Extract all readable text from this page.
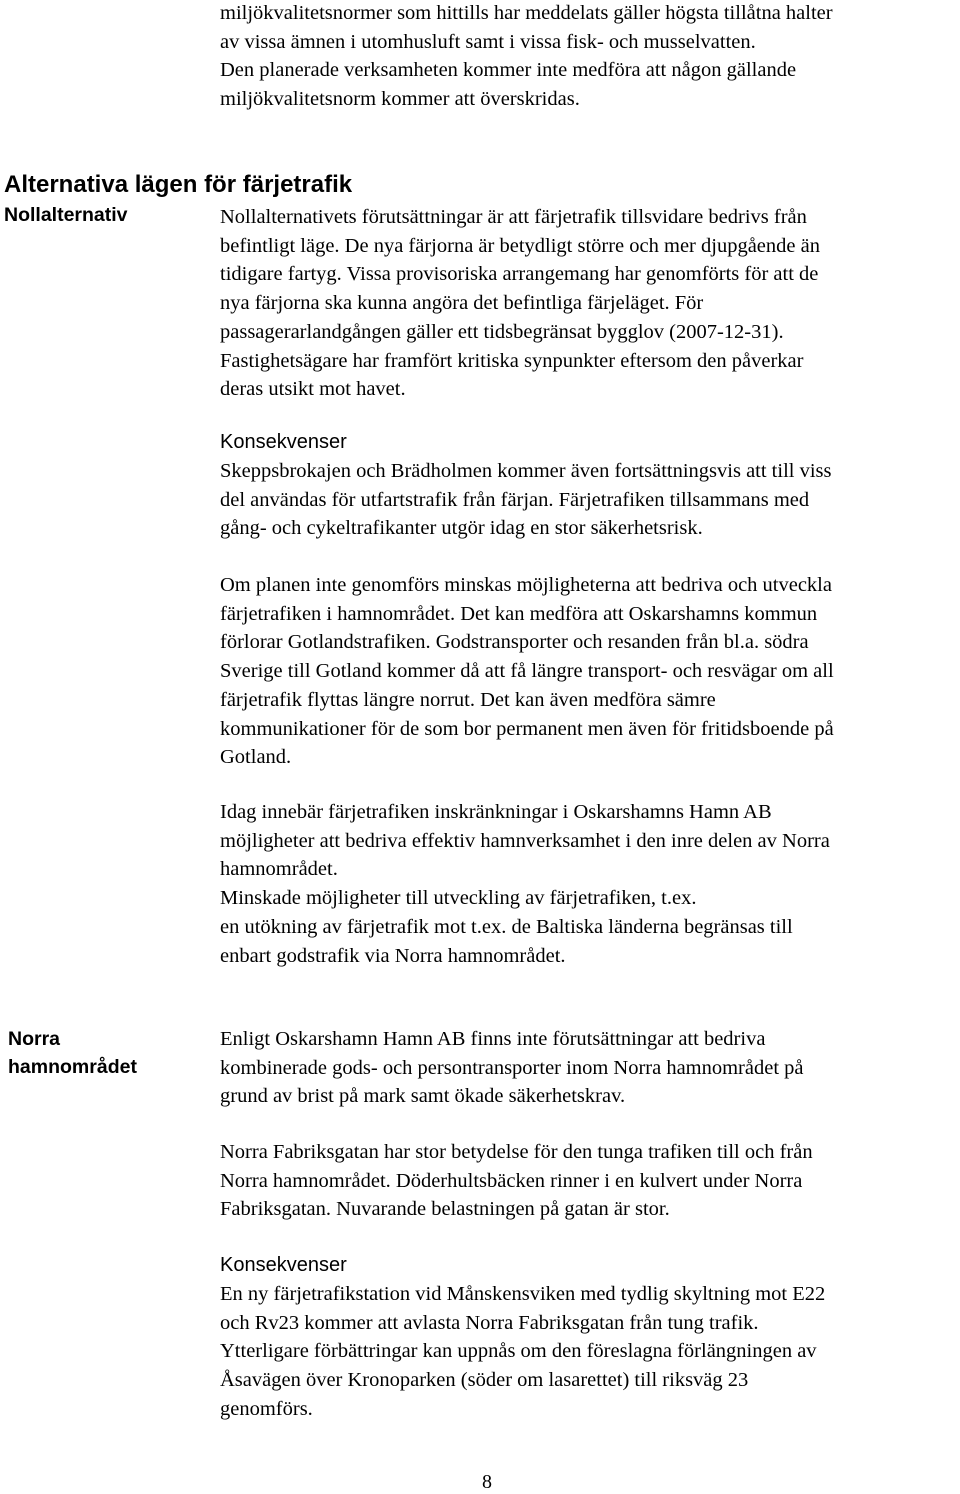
miljökvalitetsnormer som hittills har meddelats gäller högsta tillåtna halter
av vissa ämnen i utomhusluft samt i vissa fisk- och musselvatten.
Den planerade verksamheten kommer inte medföra att någon gällande
miljökvalitetsnorm kommer att överskridas.
Alternativa lägen för färjetrafik
Nollalternativ	Nollalternativets förutsättningar är att färjetrafik tillsvidare bedrivs från
befintligt läge. De nya färjorna är betydligt större och mer djupgående än
tidigare fartyg. Vissa provisoriska arrangemang har genomförts för att de
nya färjorna ska kunna angöra det befintliga färjeläget. För
passagerarlandgången gäller ett tidsbegränsat bygglov (2007-12-31).
Fastighetsägare har framfört kritiska synpunkter eftersom den påverkar
deras utsikt mot havet.
Konsekvenser
Skeppsbrokajen och Brädholmen kommer även fortsättningsvis att till viss
del användas för utfartstrafik från färjan. Färjetrafiken tillsammans med
gång- och cykeltrafikanter utgör idag en stor säkerhetsrisk.
Om planen inte genomförs minskas möjligheterna att bedriva och utveckla
färjetrafiken i hamnområdet. Det kan medföra att Oskarshamns kommun
förlorar Gotlandstrafiken. Godstransporter och resanden från bl.a. södra
Sverige till Gotland kommer då att få längre transport- och resvägar om all
färjetrafik flyttas längre norrut. Det kan även medföra sämre
kommunikationer för de som bor permanent men även för fritidsboende på
Gotland.
Idag innebär färjetrafiken inskränkningar i Oskarshamns Hamn AB
möjligheter att bedriva effektiv hamnverksamhet i den inre delen av Norra
hamnområdet.
Minskade möjligheter till utveckling av färjetrafiken, t.ex.
en utökning av färjetrafik mot t.ex. de Baltiska länderna begränsas till
enbart godstrafik via Norra hamnområdet.
Norra
hamnområdet
Enligt Oskarshamn Hamn AB finns inte förutsättningar att bedriva
kombinerade gods- och persontransporter inom Norra hamnområdet på
grund av brist på mark samt ökade säkerhetskrav.
Norra Fabriksgatan har stor betydelse för den tunga trafiken till och från
Norra hamnområdet. Döderhultsbäcken rinner i en kulvert under Norra
Fabriksgatan. Nuvarande belastningen på gatan är stor.
Konsekvenser
En ny färjetrafikstation vid Månskensviken med tydlig skyltning mot E22
och Rv23 kommer att avlasta Norra Fabriksgatan från tung trafik.
Ytterligare förbättringar kan uppnås om den föreslagna förlängningen av
Åsavägen över Kronoparken (söder om lasarettet) till riksväg 23
genomförs.
8
